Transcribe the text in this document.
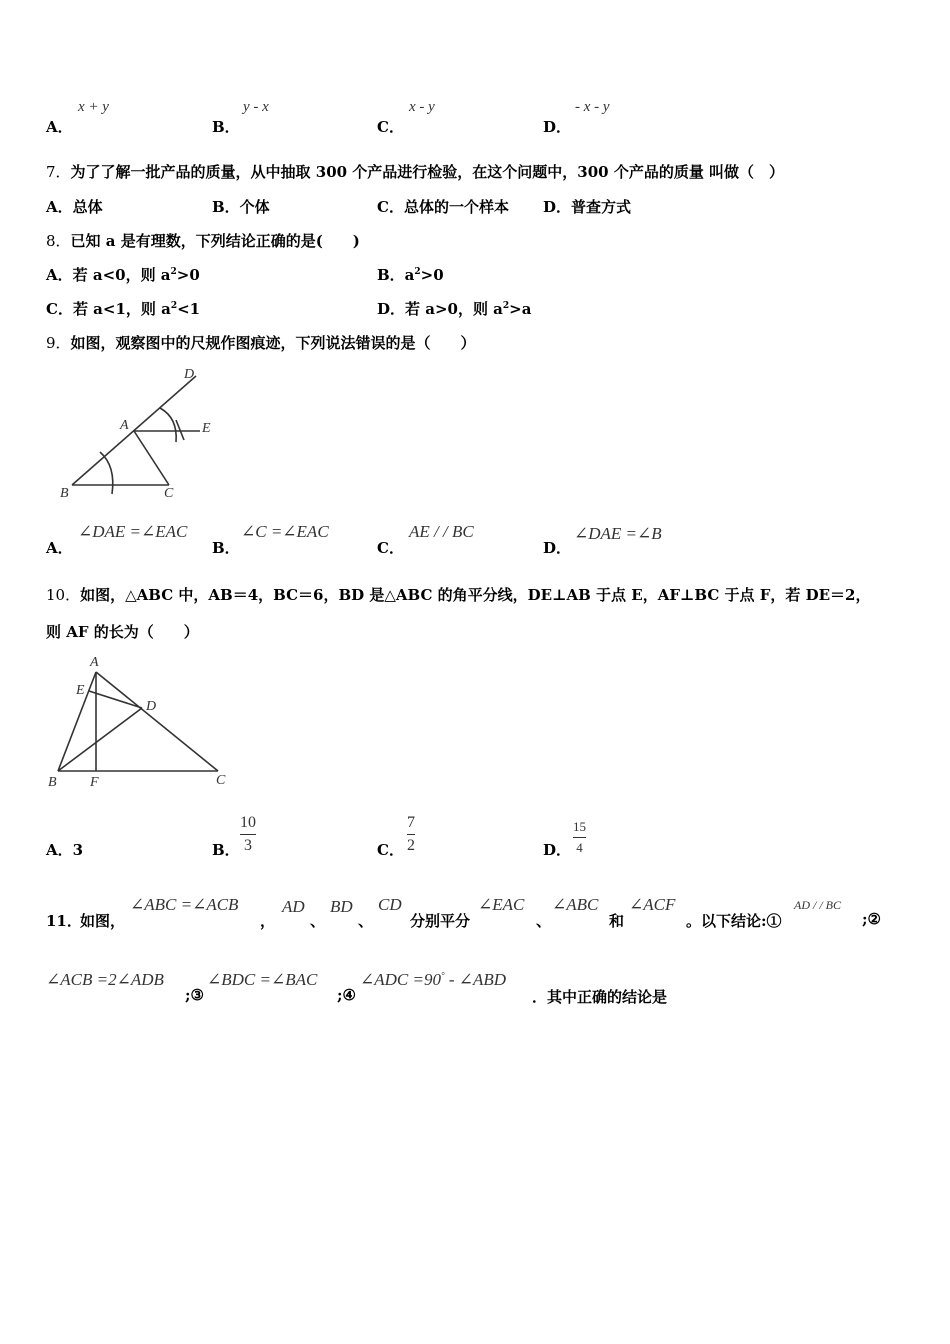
A．
x + y
B．
y - x
C．
x - y
D．
- x - y
7．为了了解一批产品的质量，从中抽取 300 个产品进行检验，在这个问题中，300 个产品的质量 叫做（　）
A．总体	B．个体	C．总体的一个样本 D．普查方式
8．已知 a 是有理数，下列结论正确的是(　　)
A．若 a<0，则 $a^2>0$	B．$a^2>0$
C．若 a<1，则 $a^2<1$	D．若 a>0，则 $a^2>a$
9．如图，观察图中的尺规作图痕迹，下列说法错误的是（　　）
D
A	E
B	C
A．
∠DAE =∠EAC
B．
∠C =∠EAC
C．
AE / / BC
D．
∠DAE =∠B
10．如图，△ABC 中，AB＝4，BC＝6，BD 是△ABC 的角平分线，DE⊥AB 于点 E，AF⊥BC 于点 F，若 DE＝2，
则 AF 的长为（　　）
A
E
D
B F	C
A．3	B．
10
3	C．
7
2	D．
15
4
11．
如图，
∠ABC =∠ACB
，
AD
、
BD
、
CD
分别平分
∠EAC
、
∠ABC
和
∠ACF
。以下结论:①
AD / / BC
;②
∠ACB =2∠ADB
;③
∠BDC =∠BAC
;④
∠ADC =90° - ∠ABD
．其中正确的结论是
